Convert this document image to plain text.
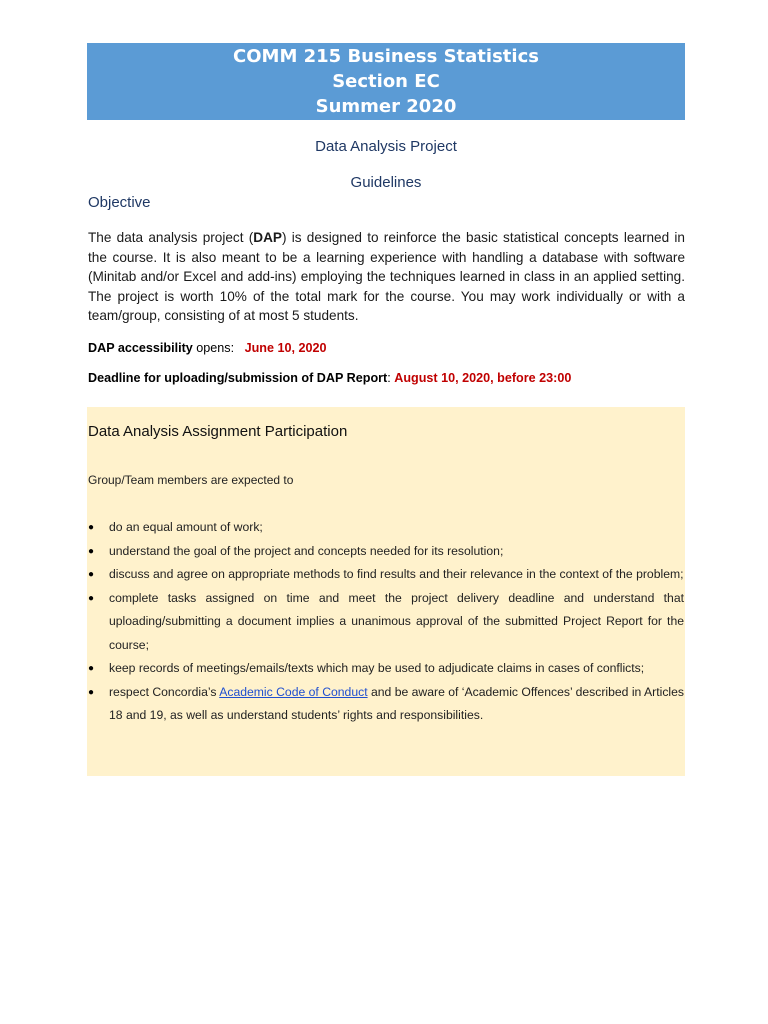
COMM 215 Business Statistics
Section EC
Summer 2020
Data Analysis Project
Guidelines
Objective
The data analysis project (DAP) is designed to reinforce the basic statistical concepts learned in the course. It is also meant to be a learning experience with handling a database with software (Minitab and/or Excel and add-ins) employing the techniques learned in class in an applied setting. The project is worth 10% of the total mark for the course. You may work individually or with a team/group, consisting of at most 5 students.
DAP accessibility opens: June 10, 2020
Deadline for uploading/submission of DAP Report: August 10, 2020, before 23:00
Data Analysis Assignment Participation
Group/Team members are expected to
● do an equal amount of work;
● understand the goal of the project and concepts needed for its resolution;
● discuss and agree on appropriate methods to find results and their relevance in the context of the problem;
● complete tasks assigned on time and meet the project delivery deadline and understand that uploading/submitting a document implies a unanimous approval of the submitted Project Report for the course;
● keep records of meetings/emails/texts which may be used to adjudicate claims in cases of conflicts;
● respect Concordia’s Academic Code of Conduct and be aware of ‘Academic Offences’ described in Articles 18 and 19, as well as understand students’ rights and responsibilities.
